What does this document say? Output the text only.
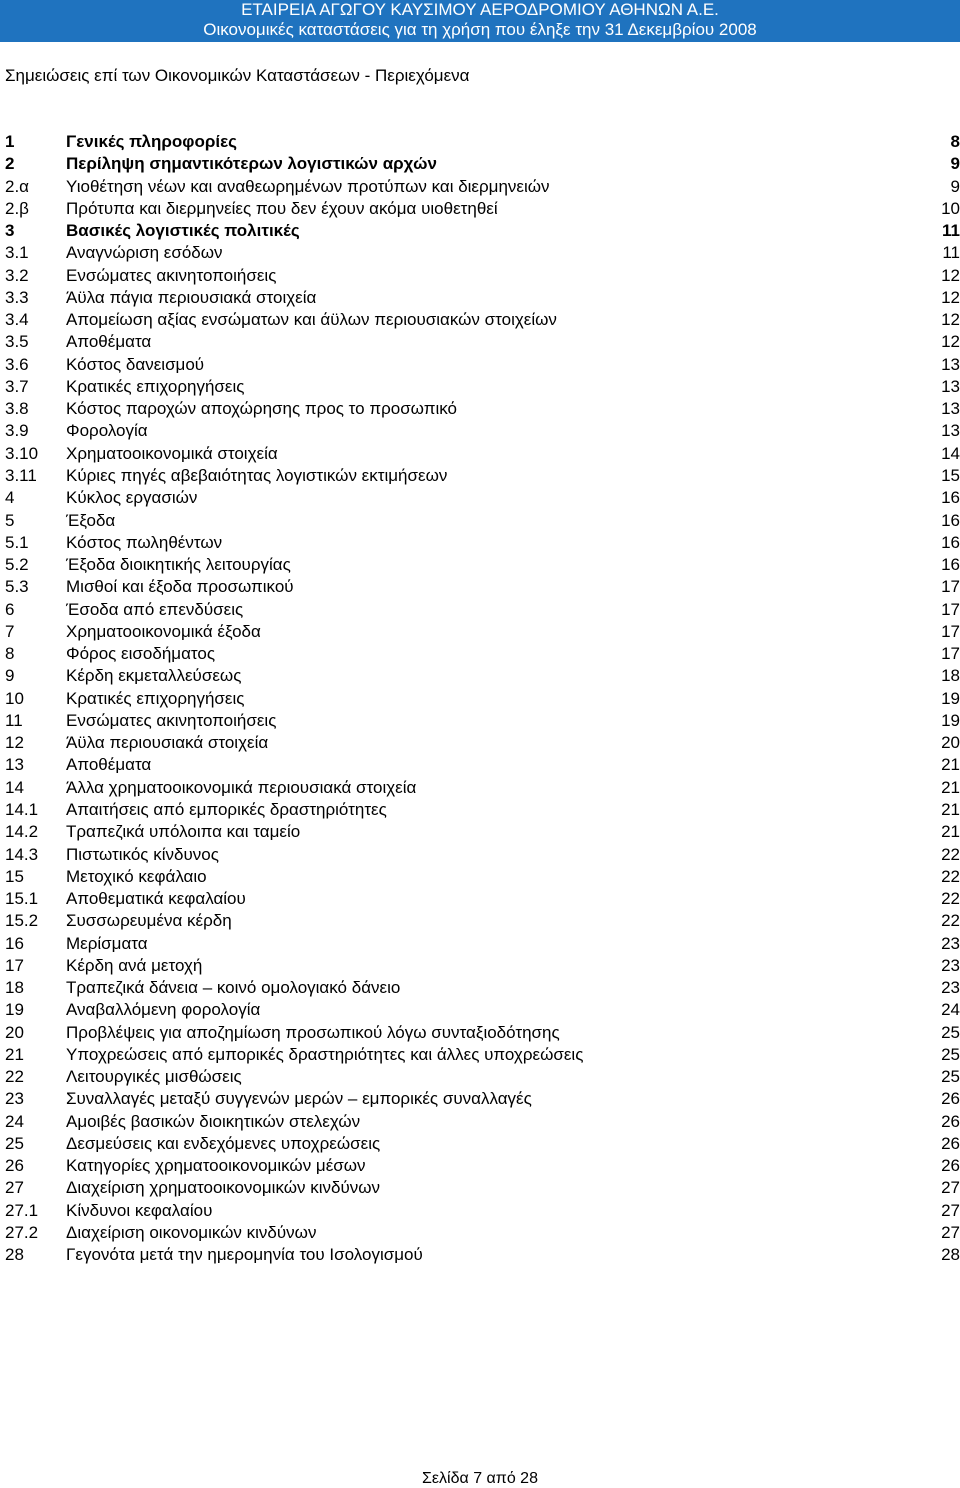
ΕΤΑΙΡΕΙΑ ΑΓΩΓΟΥ ΚΑΥΣΙΜΟΥ ΑΕΡΟΔΡΟΜΙΟΥ ΑΘΗΝΩΝ Α.Ε.
Οικονομικές καταστάσεις για τη χρήση που έληξε την 31 Δεκεμβρίου 2008
Σημειώσεις επί των Οικονομικών Καταστάσεων - Περιεχόμενα
1	Γενικές πληροφορίες	8
2	Περίληψη σημαντικότερων λογιστικών αρχών	9
2.α Υιοθέτηση νέων και αναθεωρημένων προτύπων και διερμηνειών	9
2.β Πρότυπα και διερμηνείες που δεν έχουν ακόμα υιοθετηθεί	10
3	Βασικές λογιστικές πολιτικές	11
3.1 Αναγνώριση εσόδων	11
3.2 Ενσώματες ακινητοποιήσεις	12
3.3 Άϋλα πάγια περιουσιακά στοιχεία	12
3.4 Απομείωση αξίας ενσώματων και άϋλων περιουσιακών στοιχείων	12
3.5 Αποθέματα	12
3.6 Κόστος δανεισμού	13
3.7 Κρατικές επιχορηγήσεις	13
3.8 Κόστος παροχών αποχώρησης προς το προσωπικό	13
3.9 Φορολογία	13
3.10 Χρηματοοικονομικά στοιχεία	14
3.11 Κύριες πηγές αβεβαιότητας λογιστικών εκτιμήσεων	15
4	Κύκλος εργασιών	16
5	Έξοδα	16
5.1 Κόστος πωληθέντων	16
5.2 Έξοδα διοικητικής λειτουργίας	16
5.3 Μισθοί και έξοδα προσωπικού	17
6	Έσοδα από επενδύσεις	17
7	Χρηματοοικονομικά έξοδα	17
8	Φόρος εισοδήματος	17
9	Κέρδη εκμεταλλεύσεως	18
10 Κρατικές επιχορηγήσεις	19
11	Ενσώματες ακινητοποιήσεις	19
12 Άϋλα περιουσιακά στοιχεία	20
13 Αποθέματα	21
14 Άλλα χρηματοοικονομικά περιουσιακά στοιχεία	21
14.1 Απαιτήσεις από εμπορικές δραστηριότητες	21
14.2 Τραπεζικά υπόλοιπα και ταμείο	21
14.3 Πιστωτικός κίνδυνος	22
15 Μετοχικό κεφάλαιο	22
15.1 Αποθεματικά κεφαλαίου	22
15.2 Συσσωρευμένα κέρδη	22
16 Μερίσματα	23
17 Κέρδη ανά μετοχή	23
18 Τραπεζικά δάνεια – κοινό ομολογιακό δάνειο	23
19 Αναβαλλόμενη φορολογία	24
20 Προβλέψεις για αποζημίωση προσωπικού λόγω συνταξιοδότησης	25
21 Υποχρεώσεις από εμπορικές δραστηριότητες και άλλες υποχρεώσεις	25
22 Λειτουργικές μισθώσεις	25
23 Συναλλαγές μεταξύ συγγενών μερών – εμπορικές συναλλαγές	26
24 Αμοιβές βασικών διοικητικών στελεχών	26
25 Δεσμεύσεις και ενδεχόμενες υποχρεώσεις	26
26 Κατηγορίες χρηματοοικονομικών μέσων	26
27 Διαχείριση χρηματοοικονομικών κινδύνων	27
27.1 Κίνδυνοι κεφαλαίου	27
27.2 Διαχείριση οικονομικών κινδύνων	27
28 Γεγονότα μετά την ημερομηνία του Ισολογισμού	28
Σελίδα 7 από 28
